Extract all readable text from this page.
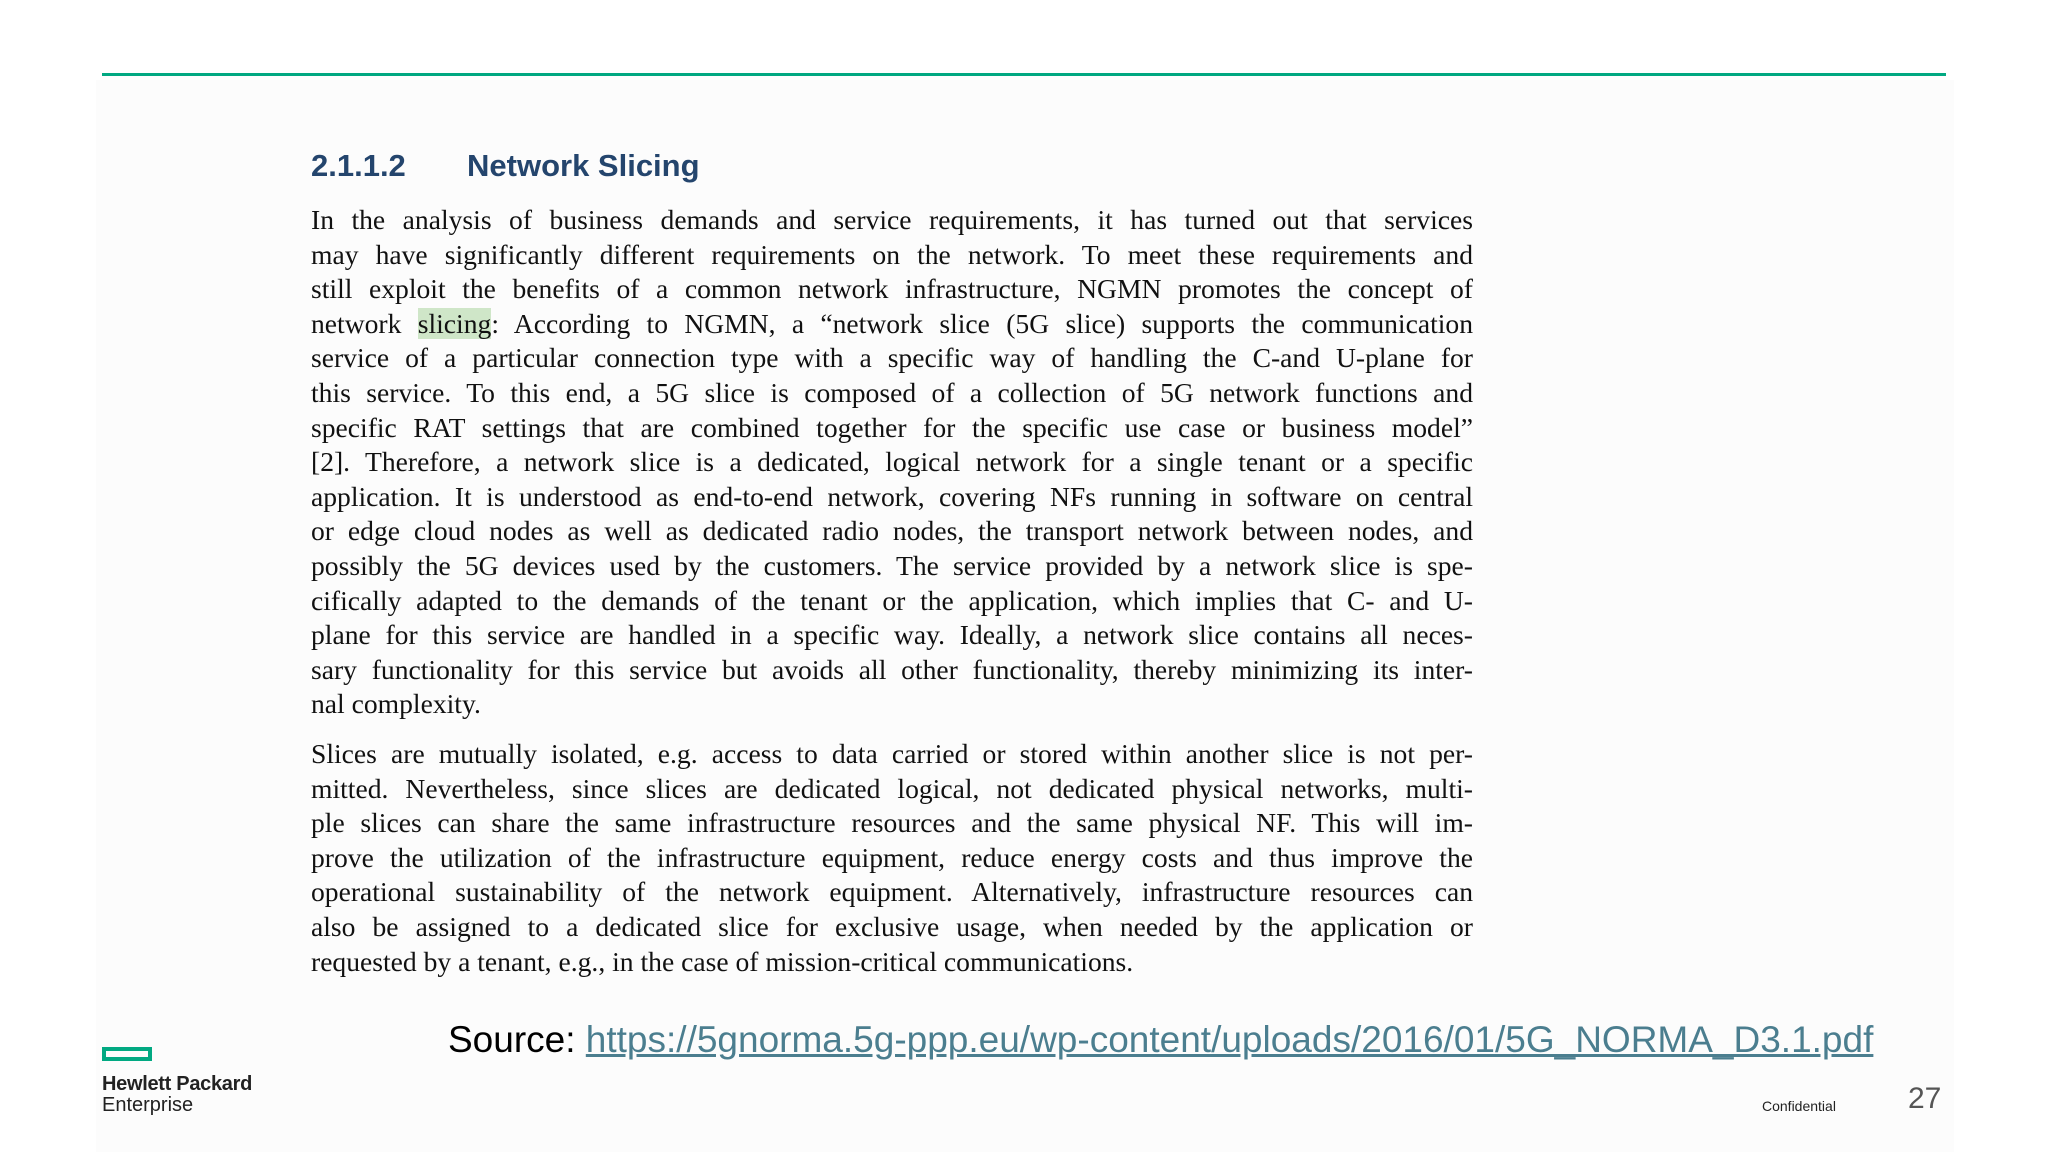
2.1.1.2 Network Slicing
In the analysis of business demands and service requirements, it has turned out that services
may have significantly different requirements on the network. To meet these requirements and
still exploit the benefits of a common network infrastructure, NGMN promotes the concept of
network slicing: According to NGMN, a “network slice (5G slice) supports the communication
service of a particular connection type with a specific way of handling the C-and U-plane for
this service. To this end, a 5G slice is composed of a collection of 5G network functions and
specific RAT settings that are combined together for the specific use case or business model”
[2]. Therefore, a network slice is a dedicated, logical network for a single tenant or a specific
application. It is understood as end-to-end network, covering NFs running in software on central
or edge cloud nodes as well as dedicated radio nodes, the transport network between nodes, and
possibly the 5G devices used by the customers. The service provided by a network slice is spe-
cifically adapted to the demands of the tenant or the application, which implies that C- and U-
plane for this service are handled in a specific way. Ideally, a network slice contains all neces-
sary functionality for this service but avoids all other functionality, thereby minimizing its inter-
nal complexity.
Slices are mutually isolated, e.g. access to data carried or stored within another slice is not per-
mitted. Nevertheless, since slices are dedicated logical, not dedicated physical networks, multi-
ple slices can share the same infrastructure resources and the same physical NF. This will im-
prove the utilization of the infrastructure equipment, reduce energy costs and thus improve the
operational sustainability of the network equipment. Alternatively, infrastructure resources can
also be assigned to a dedicated slice for exclusive usage, when needed by the application or
requested by a tenant, e.g., in the case of mission-critical communications.
Source: https://5gnorma.5g-ppp.eu/wp-content/uploads/2016/01/5G_NORMA_D3.1.pdf
Hewlett Packard
Enterprise	Confidential 27
